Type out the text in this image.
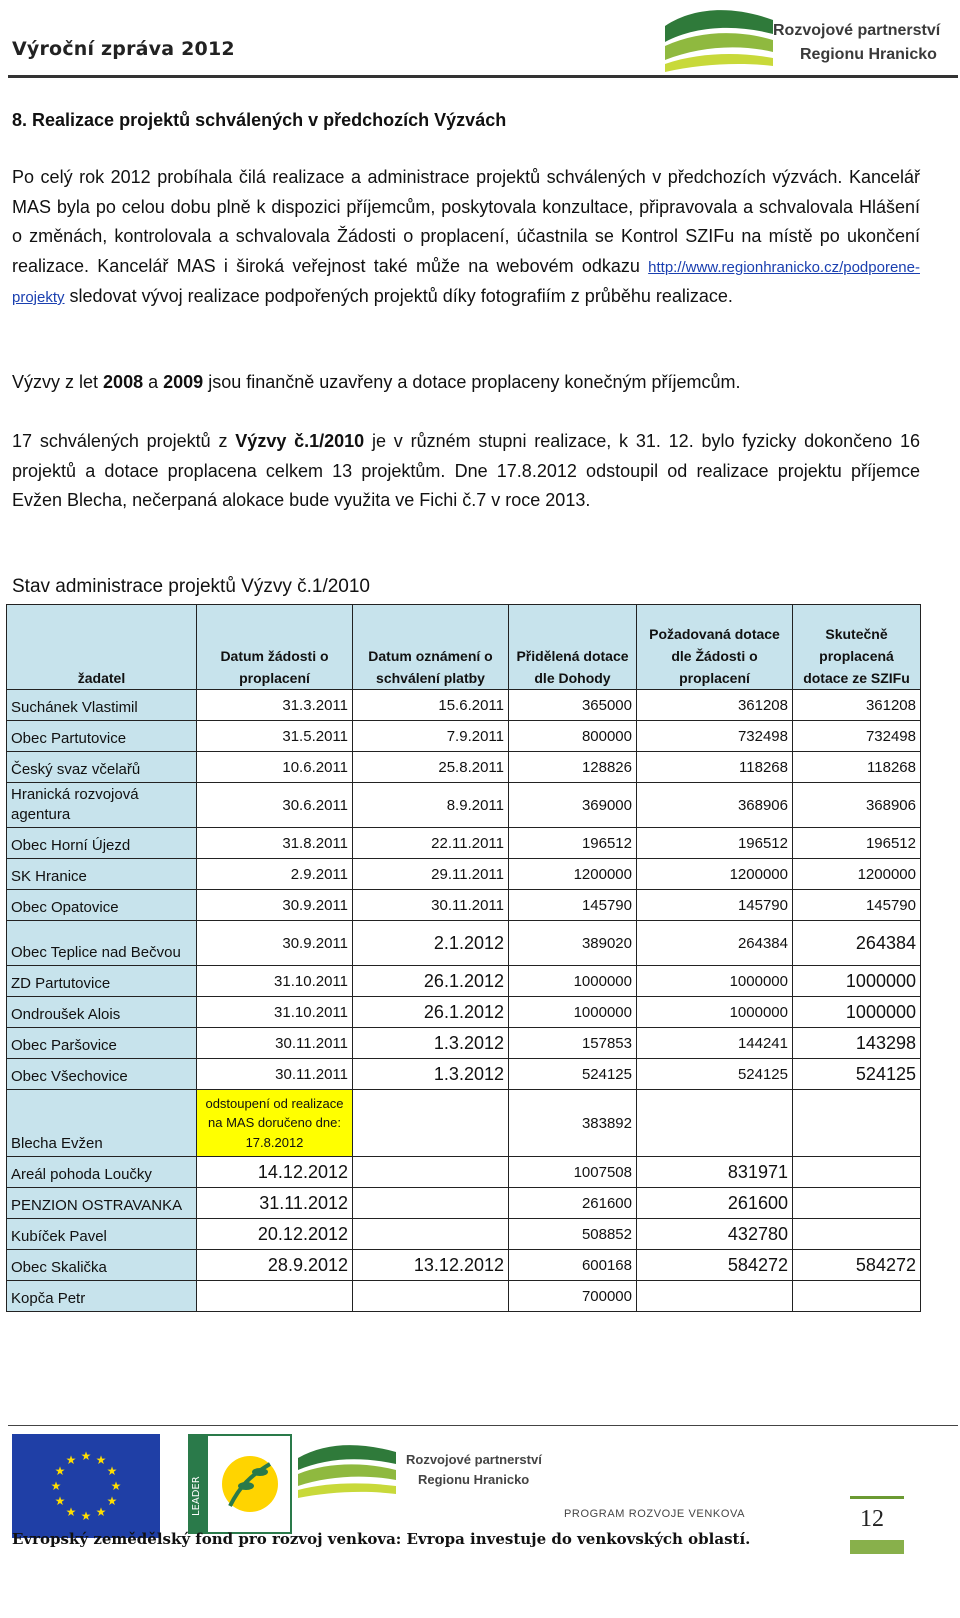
Výroční zpráva 2012
Rozvojové partnerství
Regionu Hranicko
8. Realizace projektů schválených v předchozích Výzvách
Po celý rok 2012 probíhala čilá realizace a administrace projektů schválených v předchozích výzvách. Kancelář MAS byla po celou dobu plně k dispozici příjemcům, poskytovala konzultace, připravovala a schvalovala Hlášení o změnách, kontrolovala a schvalovala Žádosti o proplacení, účastnila se Kontrol SZIFu na místě po ukončení realizace. Kancelář MAS i široká veřejnost také může na webovém odkazu http://www.regionhranicko.cz/podporene-projekty sledovat vývoj realizace podpořených projektů díky fotografiím z průběhu realizace.
Výzvy z let 2008 a 2009 jsou finančně uzavřeny a dotace proplaceny konečným příjemcům.
17 schválených projektů z Výzvy č.1/2010 je v různém stupni realizace, k 31. 12. bylo fyzicky dokončeno 16 projektů a dotace proplacena celkem 13 projektům. Dne 17.8.2012 odstoupil od realizace projektu příjemce Evžen Blecha, nečerpaná alokace bude využita ve Fichi č.7 v roce 2013.
Stav administrace projektů Výzvy č.1/2010
žadatel	Datum žádosti o proplacení	Datum oznámení o schválení platby	Přidělená dotace dle Dohody	Požadovaná dotace dle Žádosti o proplacení	Skutečně proplacená dotace ze SZIFu
Suchánek Vlastimil	31.3.2011	15.6.2011	365000	361208	361208
Obec Partutovice	31.5.2011	7.9.2011	800000	732498	732498
Český svaz včelařů	10.6.2011	25.8.2011	128826	118268	118268
Hranická rozvojová agentura	30.6.2011	8.9.2011	369000	368906	368906
Obec Horní Újezd	31.8.2011	22.11.2011	196512	196512	196512
SK Hranice	2.9.2011	29.11.2011	1200000	1200000	1200000
Obec Opatovice	30.9.2011	30.11.2011	145790	145790	145790
Obec Teplice nad Bečvou	30.9.2011	2.1.2012	389020	264384	264384
ZD Partutovice	31.10.2011	26.1.2012	1000000	1000000	1000000
Ondroušek Alois	31.10.2011	26.1.2012	1000000	1000000	1000000
Obec Paršovice	30.11.2011	1.3.2012	157853	144241	143298
Obec Všechovice	30.11.2011	1.3.2012	524125	524125	524125
Blecha Evžen	odstoupení od realizace na MAS doručeno dne: 17.8.2012		383892		
Areál pohoda Loučky	14.12.2012		1007508	831971	
PENZION OSTRAVANKA	31.11.2012		261600	261600	
Kubíček Pavel	20.12.2012		508852	432780	
Obec Skalička	28.9.2012	13.12.2012	600168	584272	584272
Kopča Petr			700000		
★ ★
★
★
★
★
★
★
★
★
★
★
LEADER
Rozvojové partnerství
Regionu Hranicko
PROGRAM ROZVOJE VENKOVA	12
Evropský zemědělský fond pro rozvoj venkova: Evropa investuje do venkovských oblastí.
